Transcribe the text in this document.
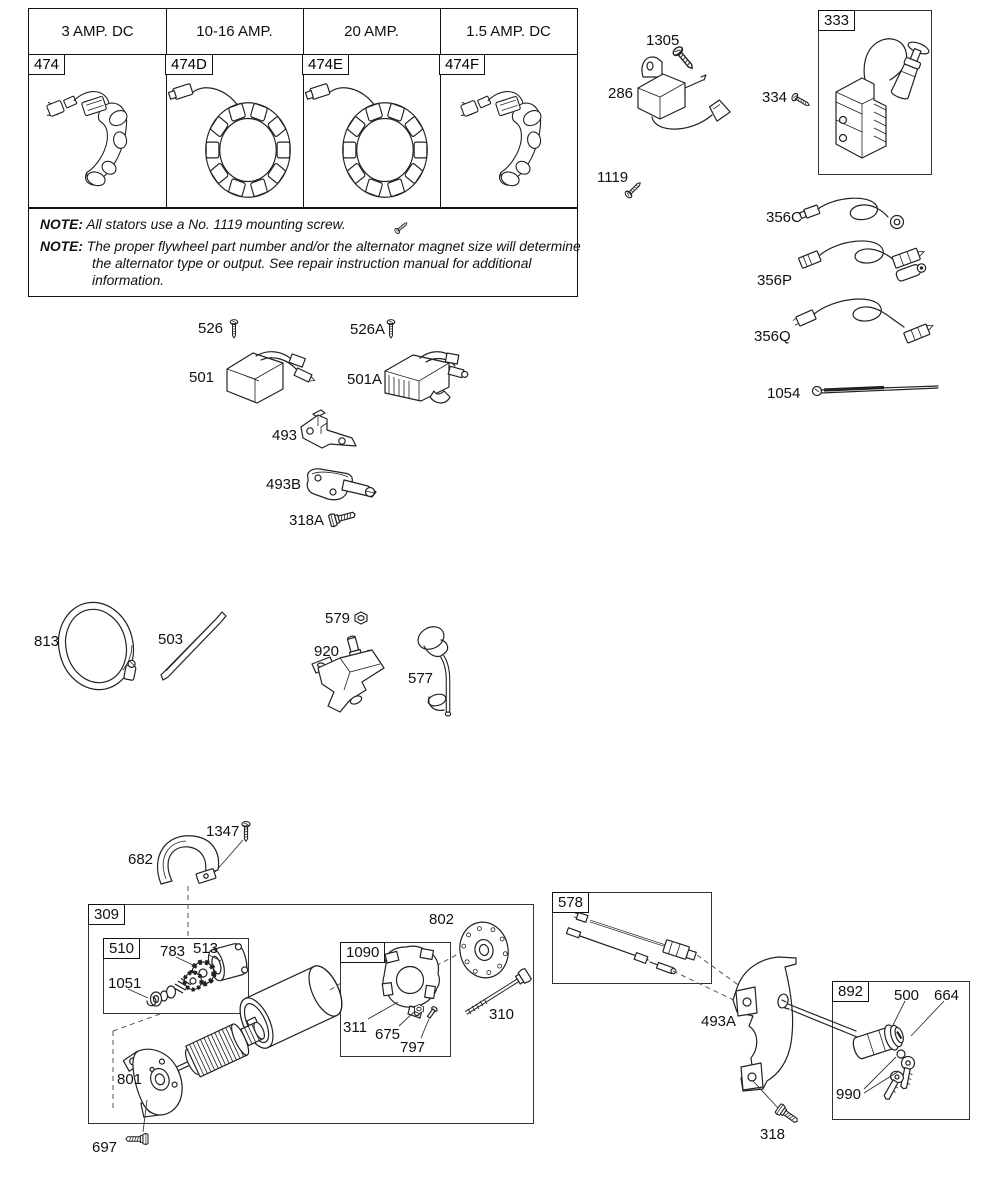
3 AMP. DC	10-16 AMP.	20 AMP.	1.5 AMP. DC
474	474D	474E	474F
NOTE: All stators use a No. 1119 mounting screw.
NOTE: The proper flywheel part number and/or the alternator magnet size will determine the alternator type or output. See repair instruction manual for additional information.
1305
286	334
333
1119
356C
356P
356Q
1054
526	526A
501	501A
493
493B
318A
813	503
579
920
577
1347
682
309
510	783 513
1051
802
1090
311 675
797
310
801
697
578
493A
318
892	500 664
990
